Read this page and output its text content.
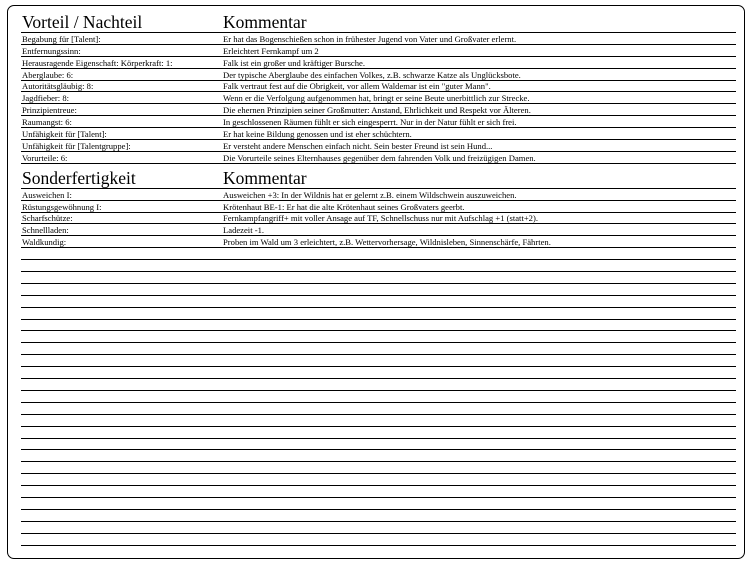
Vorteil / Nachteil	Kommentar
Begabung für [Talent]:	Er hat das Bogenschießen schon in frühester Jugend von Vater und Großvater erlernt.
Entfernungssinn:	Erleichtert Fernkampf um 2
Herausragende Eigenschaft: Körperkraft: 1:	Falk ist ein großer und kräftiger Bursche.
Aberglaube: 6:	Der typische Aberglaube des einfachen Volkes, z.B. schwarze Katze als Unglücksbote.
Autoritätsgläubig: 8:	Falk vertraut fest auf die Obrigkeit, vor allem Waldemar ist ein "guter Mann".
Jagdfieber: 8:	Wenn er die Verfolgung aufgenommen hat, bringt er seine Beute unerbittlich zur Strecke.
Prinzipientreue:	Die ehernen Prinzipien seiner Großmutter: Anstand, Ehrlichkeit und Respekt vor Älteren.
Raumangst: 6:	In geschlossenen Räumen fühlt er sich eingesperrt. Nur in der Natur fühlt er sich frei.
Unfähigkeit für [Talent]:	Er hat keine Bildung genossen und ist eher schüchtern.
Unfähigkeit für [Talentgruppe]:	Er versteht andere Menschen einfach nicht. Sein bester Freund ist sein Hund...
Vorurteile: 6:	Die Vorurteile seines Elternhauses gegenüber dem fahrenden Volk und freizügigen Damen.
Sonderfertigkeit	Kommentar
Ausweichen I:	Ausweichen +3: In der Wildnis hat er gelernt z.B. einem Wildschwein auszuweichen.
Rüstungsgewöhnung I:	Krötenhaut BE-1: Er hat die alte Krötenhaut seines Großvaters geerbt.
Scharfschütze:	Fernkampfangriff+ mit voller Ansage auf TF, Schnellschuss nur mit Aufschlag +1 (statt+2).
Schnellladen:	Ladezeit -1.
Waldkundig:	Proben im Wald um 3 erleichtert, z.B. Wettervorhersage, Wildnisleben, Sinnenschärfe, Fährten.
